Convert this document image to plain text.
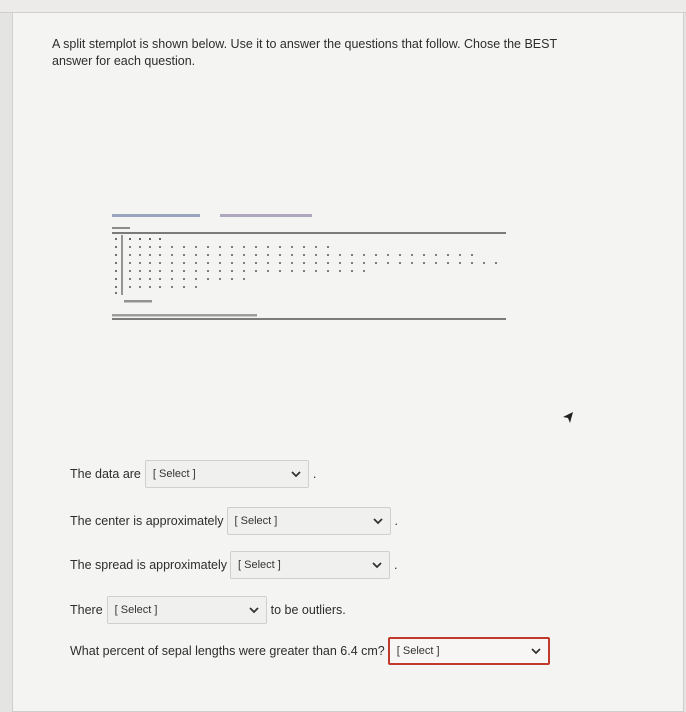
A split stemplot is shown below. Use it to answer the questions that follow. Chose the BEST answer for each question.
The data are [ Select ]	.
The center is approximately [ Select ]	.
The spread is approximately [ Select ]	.
There [ Select ]	to be outliers.
What percent of sepal lengths were greater than 6.4 cm? [ Select ]
